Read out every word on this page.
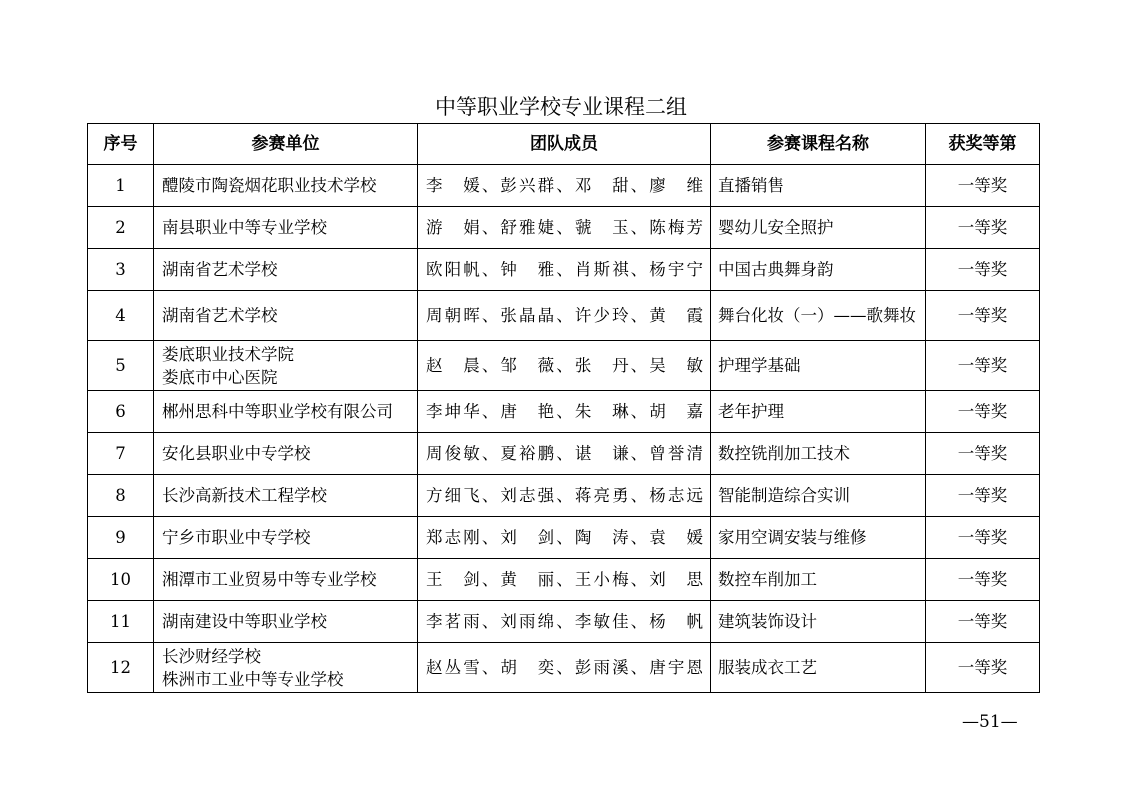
中等职业学校专业课程二组
序号	参赛单位	团队成员	参赛课程名称	获奖等第
1	醴陵市陶瓷烟花职业技术学校	李　媛、彭兴群、邓　甜、廖　维	直播销售	一等奖
2	南县职业中等专业学校	游　娟、舒雅婕、虢　玉、陈梅芳	婴幼儿安全照护	一等奖
3	湖南省艺术学校	欧阳帆、钟　雅、肖斯祺、杨宇宁	中国古典舞身韵	一等奖
4	湖南省艺术学校	周朝晖、张晶晶、许少玲、黄　霞	舞台化妆（一）——歌舞妆	一等奖
5	娄底职业技术学院
娄底市中心医院	赵　晨、邹　薇、张　丹、吴　敏	护理学基础	一等奖
6	郴州思科中等职业学校有限公司	李坤华、唐　艳、朱　琳、胡　嘉	老年护理	一等奖
7	安化县职业中专学校	周俊敏、夏裕鹏、谌　谦、曾誉清	数控铣削加工技术	一等奖
8	长沙高新技术工程学校	方细飞、刘志强、蒋亮勇、杨志远	智能制造综合实训	一等奖
9	宁乡市职业中专学校	郑志刚、刘　剑、陶　涛、袁　媛	家用空调安装与维修	一等奖
10	湘潭市工业贸易中等专业学校	王　剑、黄　丽、王小梅、刘　思	数控车削加工	一等奖
11	湖南建设中等职业学校	李茗雨、刘雨绵、李敏佳、杨　帆	建筑装饰设计	一等奖
12	长沙财经学校
株洲市工业中等专业学校	赵丛雪、胡　奕、彭雨溪、唐宇恩	服装成衣工艺	一等奖
—51—
